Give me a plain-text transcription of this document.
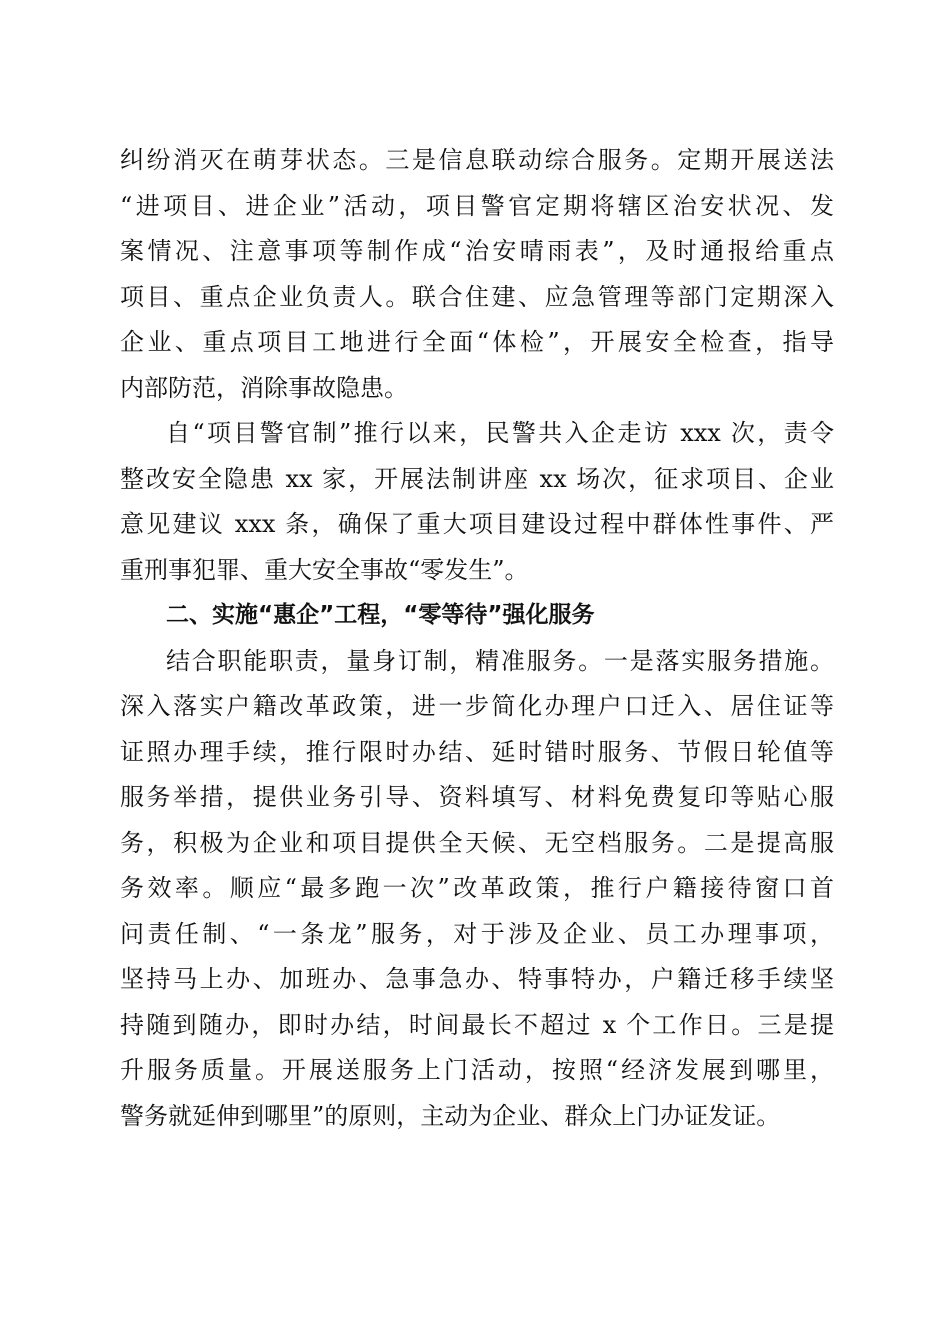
纠纷消灭在萌芽状态。三是信息联动综合服务。定期开展送法
“进项目、进企业”活动，项目警官定期将辖区治安状况、发
案情况、注意事项等制作成“治安晴雨表”，及时通报给重点
项目、重点企业负责人。联合住建、应急管理等部门定期深入
企业、重点项目工地进行全面“体检”，开展安全检查，指导
内部防范，消除事故隐患。
自“项目警官制”推行以来，民警共入企走访 xxx 次，责令
整改安全隐患 xx 家，开展法制讲座 xx 场次，征求项目、企业
意见建议 xxx 条，确保了重大项目建设过程中群体性事件、严
重刑事犯罪、重大安全事故“零发生”。
二、实施“惠企”工程，“零等待”强化服务
结合职能职责，量身订制，精准服务。一是落实服务措施。
深入落实户籍改革政策，进一步简化办理户口迁入、居住证等
证照办理手续，推行限时办结、延时错时服务、节假日轮值等
服务举措，提供业务引导、资料填写、材料免费复印等贴心服
务，积极为企业和项目提供全天候、无空档服务。二是提高服
务效率。顺应“最多跑一次”改革政策，推行户籍接待窗口首
问责任制、“一条龙”服务，对于涉及企业、员工办理事项，
坚持马上办、加班办、急事急办、特事特办，户籍迁移手续坚
持随到随办，即时办结，时间最长不超过 x 个工作日。三是提
升服务质量。开展送服务上门活动，按照“经济发展到哪里，
警务就延伸到哪里”的原则，主动为企业、群众上门办证发证。
